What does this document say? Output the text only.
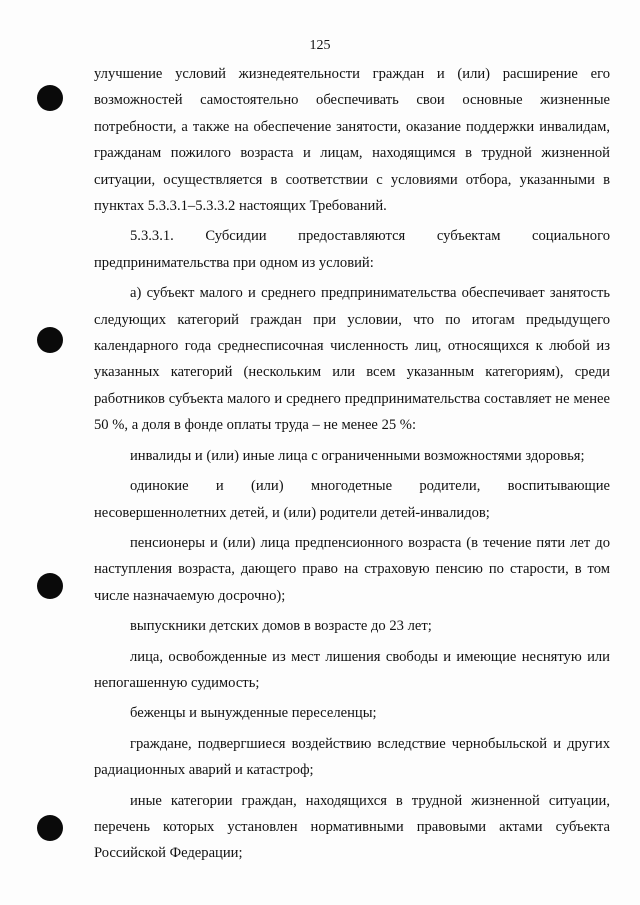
125

улучшение условий жизнедеятельности граждан и (или) расширение его возможностей самостоятельно обеспечивать свои основные жизненные потребности, а также на обеспечение занятости, оказание поддержки инвалидам, гражданам пожилого возраста и лицам, находящимся в трудной жизненной ситуации, осуществляется в соответствии с условиями отбора, указанными в пунктах 5.3.3.1–5.3.3.2 настоящих Требований.

5.3.3.1. Субсидии предоставляются субъектам социального предпринимательства при одном из условий:

а) субъект малого и среднего предпринимательства обеспечивает занятость следующих категорий граждан при условии, что по итогам предыдущего календарного года среднесписочная численность лиц, относящихся к любой из указанных категорий (нескольким или всем указанным категориям), среди работников субъекта малого и среднего предпринимательства составляет не менее 50 %, а доля в фонде оплаты труда – не менее 25 %:

инвалиды и (или) иные лица с ограниченными возможностями здоровья;

одинокие и (или) многодетные родители, воспитывающие несовершеннолетних детей, и (или) родители детей-инвалидов;

пенсионеры и (или) лица предпенсионного возраста (в течение пяти лет до наступления возраста, дающего право на страховую пенсию по старости, в том числе назначаемую досрочно);

выпускники детских домов в возрасте до 23 лет;

лица, освобожденные из мест лишения свободы и имеющие неснятую или непогашенную судимость;

беженцы и вынужденные переселенцы;

граждане, подвергшиеся воздействию вследствие чернобыльской и других радиационных аварий и катастроф;

иные категории граждан, находящихся в трудной жизненной ситуации, перечень которых установлен нормативными правовыми актами субъекта Российской Федерации;
